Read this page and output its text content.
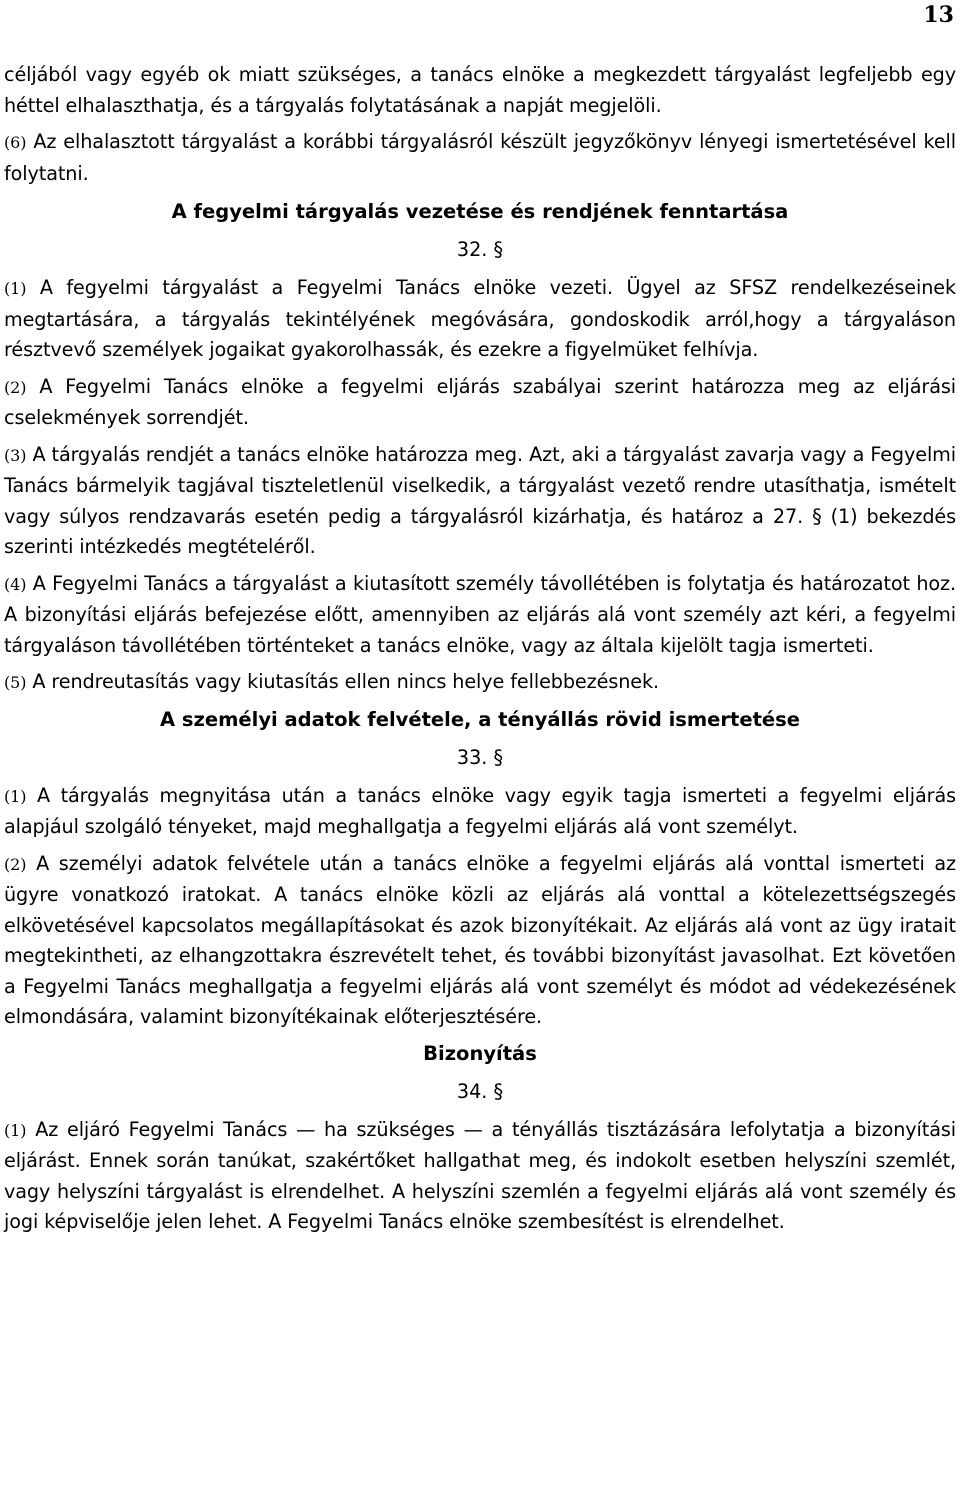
13

céljából vagy egyéb ok miatt szükséges, a tanács elnöke a megkezdett tárgyalást legfeljebb egy héttel elhalaszthatja, és a tárgyalás folytatásának a napját megjelöli.

(6) Az elhalasztott tárgyalást a korábbi tárgyalásról készült jegyzőkönyv lényegi ismertetésével kell folytatni.

A fegyelmi tárgyalás vezetése és rendjének fenntartása
32. §

(1) A fegyelmi tárgyalást a Fegyelmi Tanács elnöke vezeti. Ügyel az SFSZ rendelkezéseinek megtartására, a tárgyalás tekintélyének megóvására, gondoskodik arról,hogy a tárgyaláson résztvevő személyek jogaikat gyakorolhassák, és ezekre a figyelmüket felhívja.

(2) A Fegyelmi Tanács elnöke a fegyelmi eljárás szabályai szerint határozza meg az eljárási cselekmények sorrendjét.

(3) A tárgyalás rendjét a tanács elnöke határozza meg. Azt, aki a tárgyalást zavarja vagy a Fegyelmi Tanács bármelyik tagjával tiszteletlenül viselkedik, a tárgyalást vezető rendre utasíthatja, ismételt vagy súlyos rendzavarás esetén pedig a tárgyalásról kizárhatja, és határoz a 27. § (1) bekezdés szerinti intézkedés megtételéről.

(4) A Fegyelmi Tanács a tárgyalást a kiutasított személy távollétében is folytatja és határozatot hoz. A bizonyítási eljárás befejezése előtt, amennyiben az eljárás alá vont személy azt kéri, a fegyelmi tárgyaláson távollétében történteket a tanács elnöke, vagy az általa kijelölt tagja ismerteti.

(5) A rendreutasítás vagy kiutasítás ellen nincs helye fellebbezésnek.

A személyi adatok felvétele, a tényállás rövid ismertetése
33. §

(1) A tárgyalás megnyitása után a tanács elnöke vagy egyik tagja ismerteti a fegyelmi eljárás alapjául szolgáló tényeket, majd meghallgatja a fegyelmi eljárás alá vont személyt.

(2) A személyi adatok felvétele után a tanács elnöke a fegyelmi eljárás alá vonttal ismerteti az ügyre vonatkozó iratokat. A tanács elnöke közli az eljárás alá vonttal a kötelezettségszegés elkövetésével kapcsolatos megállapításokat és azok bizonyítékait. Az eljárás alá vont az ügy iratait megtekintheti, az elhangzottakra észrevételt tehet, és további bizonyítást javasolhat. Ezt követően a Fegyelmi Tanács meghallgatja a fegyelmi eljárás alá vont személyt és módot ad védekezésének elmondására, valamint bizonyítékainak előterjesztésére.

Bizonyítás
34. §

(1) Az eljáró Fegyelmi Tanács — ha szükséges — a tényállás tisztázására lefolytatja a bizonyítási eljárást. Ennek során tanúkat, szakértőket hallgathat meg, és indokolt esetben helyszíni szemlét, vagy helyszíni tárgyalást is elrendelhet. A helyszíni szemlén a fegyelmi eljárás alá vont személy és jogi képviselője jelen lehet. A Fegyelmi Tanács elnöke szembesítést is elrendelhet.
